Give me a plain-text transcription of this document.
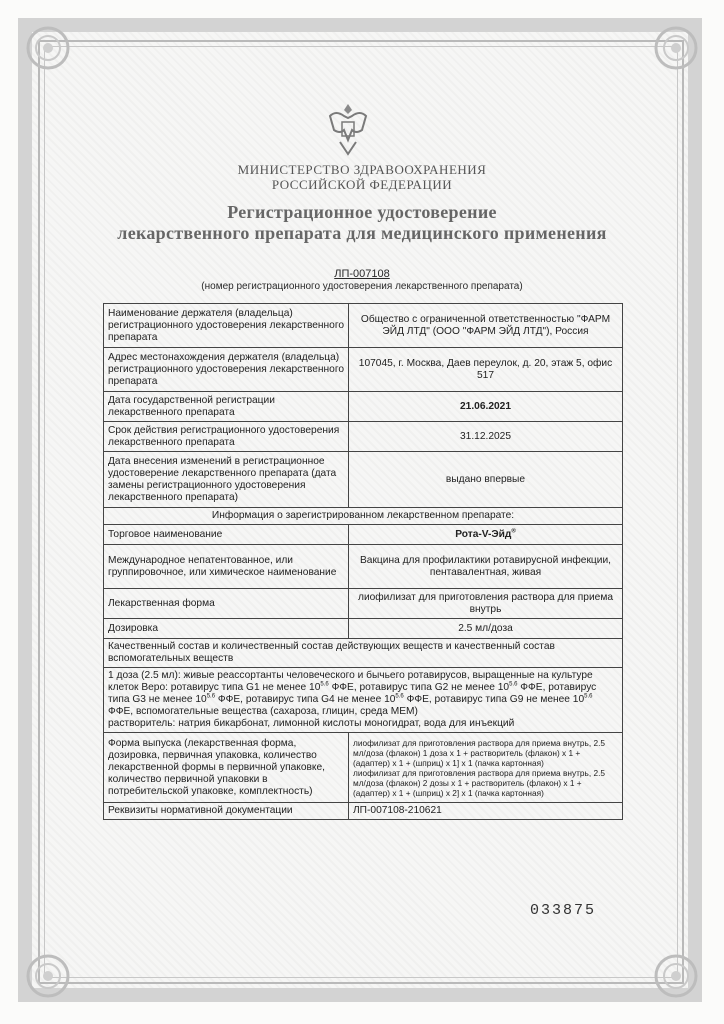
МИНИСТЕРСТВО ЗДРАВООХРАНЕНИЯ
РОССИЙСКОЙ ФЕДЕРАЦИИ
Регистрационное удостоверение
лекарственного препарата для медицинского применения
ЛП-007108
(номер регистрационного удостоверения лекарственного препарата)
Наименование держателя (владельца) регистрационного удостоверения лекарственного препарата	Общество с ограниченной ответственностью "ФАРМ ЭЙД ЛТД" (ООО "ФАРМ ЭЙД ЛТД"), Россия
Адрес местонахождения держателя (владельца) регистрационного удостоверения лекарственного препарата	107045, г. Москва, Даев переулок, д. 20, этаж 5, офис 517
Дата государственной регистрации лекарственного препарата	21.06.2021
Срок действия регистрационного удостоверения лекарственного препарата	31.12.2025
Дата внесения изменений в регистрационное удостоверение лекарственного препарата (дата замены регистрационного удостоверения лекарственного препарата)	выдано впервые
Информация о зарегистрированном лекарственном препарате:	
Торговое наименование	Рота-V-Эйд®
Международное непатентованное, или группировочное, или химическое наименование	Вакцина для профилактики ротавирусной инфекции, пентавалентная, живая
Лекарственная форма	лиофилизат для приготовления раствора для приема внутрь
Дозировка	2.5 мл/доза
Качественный состав и количественный состав действующих веществ и качественный состав вспомогательных веществ	

1 доза (2.5 мл): живые реассортанты человеческого и бычьего ротавирусов, выращенные на культуре
клеток Веро: ротавирус типа G1 не менее $10^{5.6}$ ФФЕ, ротавирус типа G2 не менее $10^{5.6}$ ФФЕ, ротавирус
типа G3 не менее $10^{5.6}$ ФФЕ, ротавирус типа G4 не менее $10^{5.6}$ ФФЕ, ротавирус типа G9 не менее $10^{5.6}$
ФФЕ, вспомогательные вещества (сахароза, глицин, среда МЕМ)
растворитель: натрия бикарбонат, лимонной кислоты моногидрат, вода для инъекций	

Форма выпуска (лекарственная форма, дозировка, первичная упаковка, количество лекарственной формы в первичной упаковке, количество первичной упаковки в потребительской упаковке, комплектность)	лиофилизат для приготовления раствора для приема внутрь, 2.5 мл/доза (флакон) 1 доза x 1 + растворитель (флакон) x 1 + (адаптер) x 1 + (шприц) x 1] x 1 (пачка картонная)
лиофилизат для приготовления раствора для приема внутрь, 2.5 мл/доза (флакон) 2 дозы x 1 + растворитель (флакон) x 1 + (адаптер) x 1 + (шприц) x 2] x 1 (пачка картонная)

Реквизиты нормативной документации	ЛП-007108-210621
033875
